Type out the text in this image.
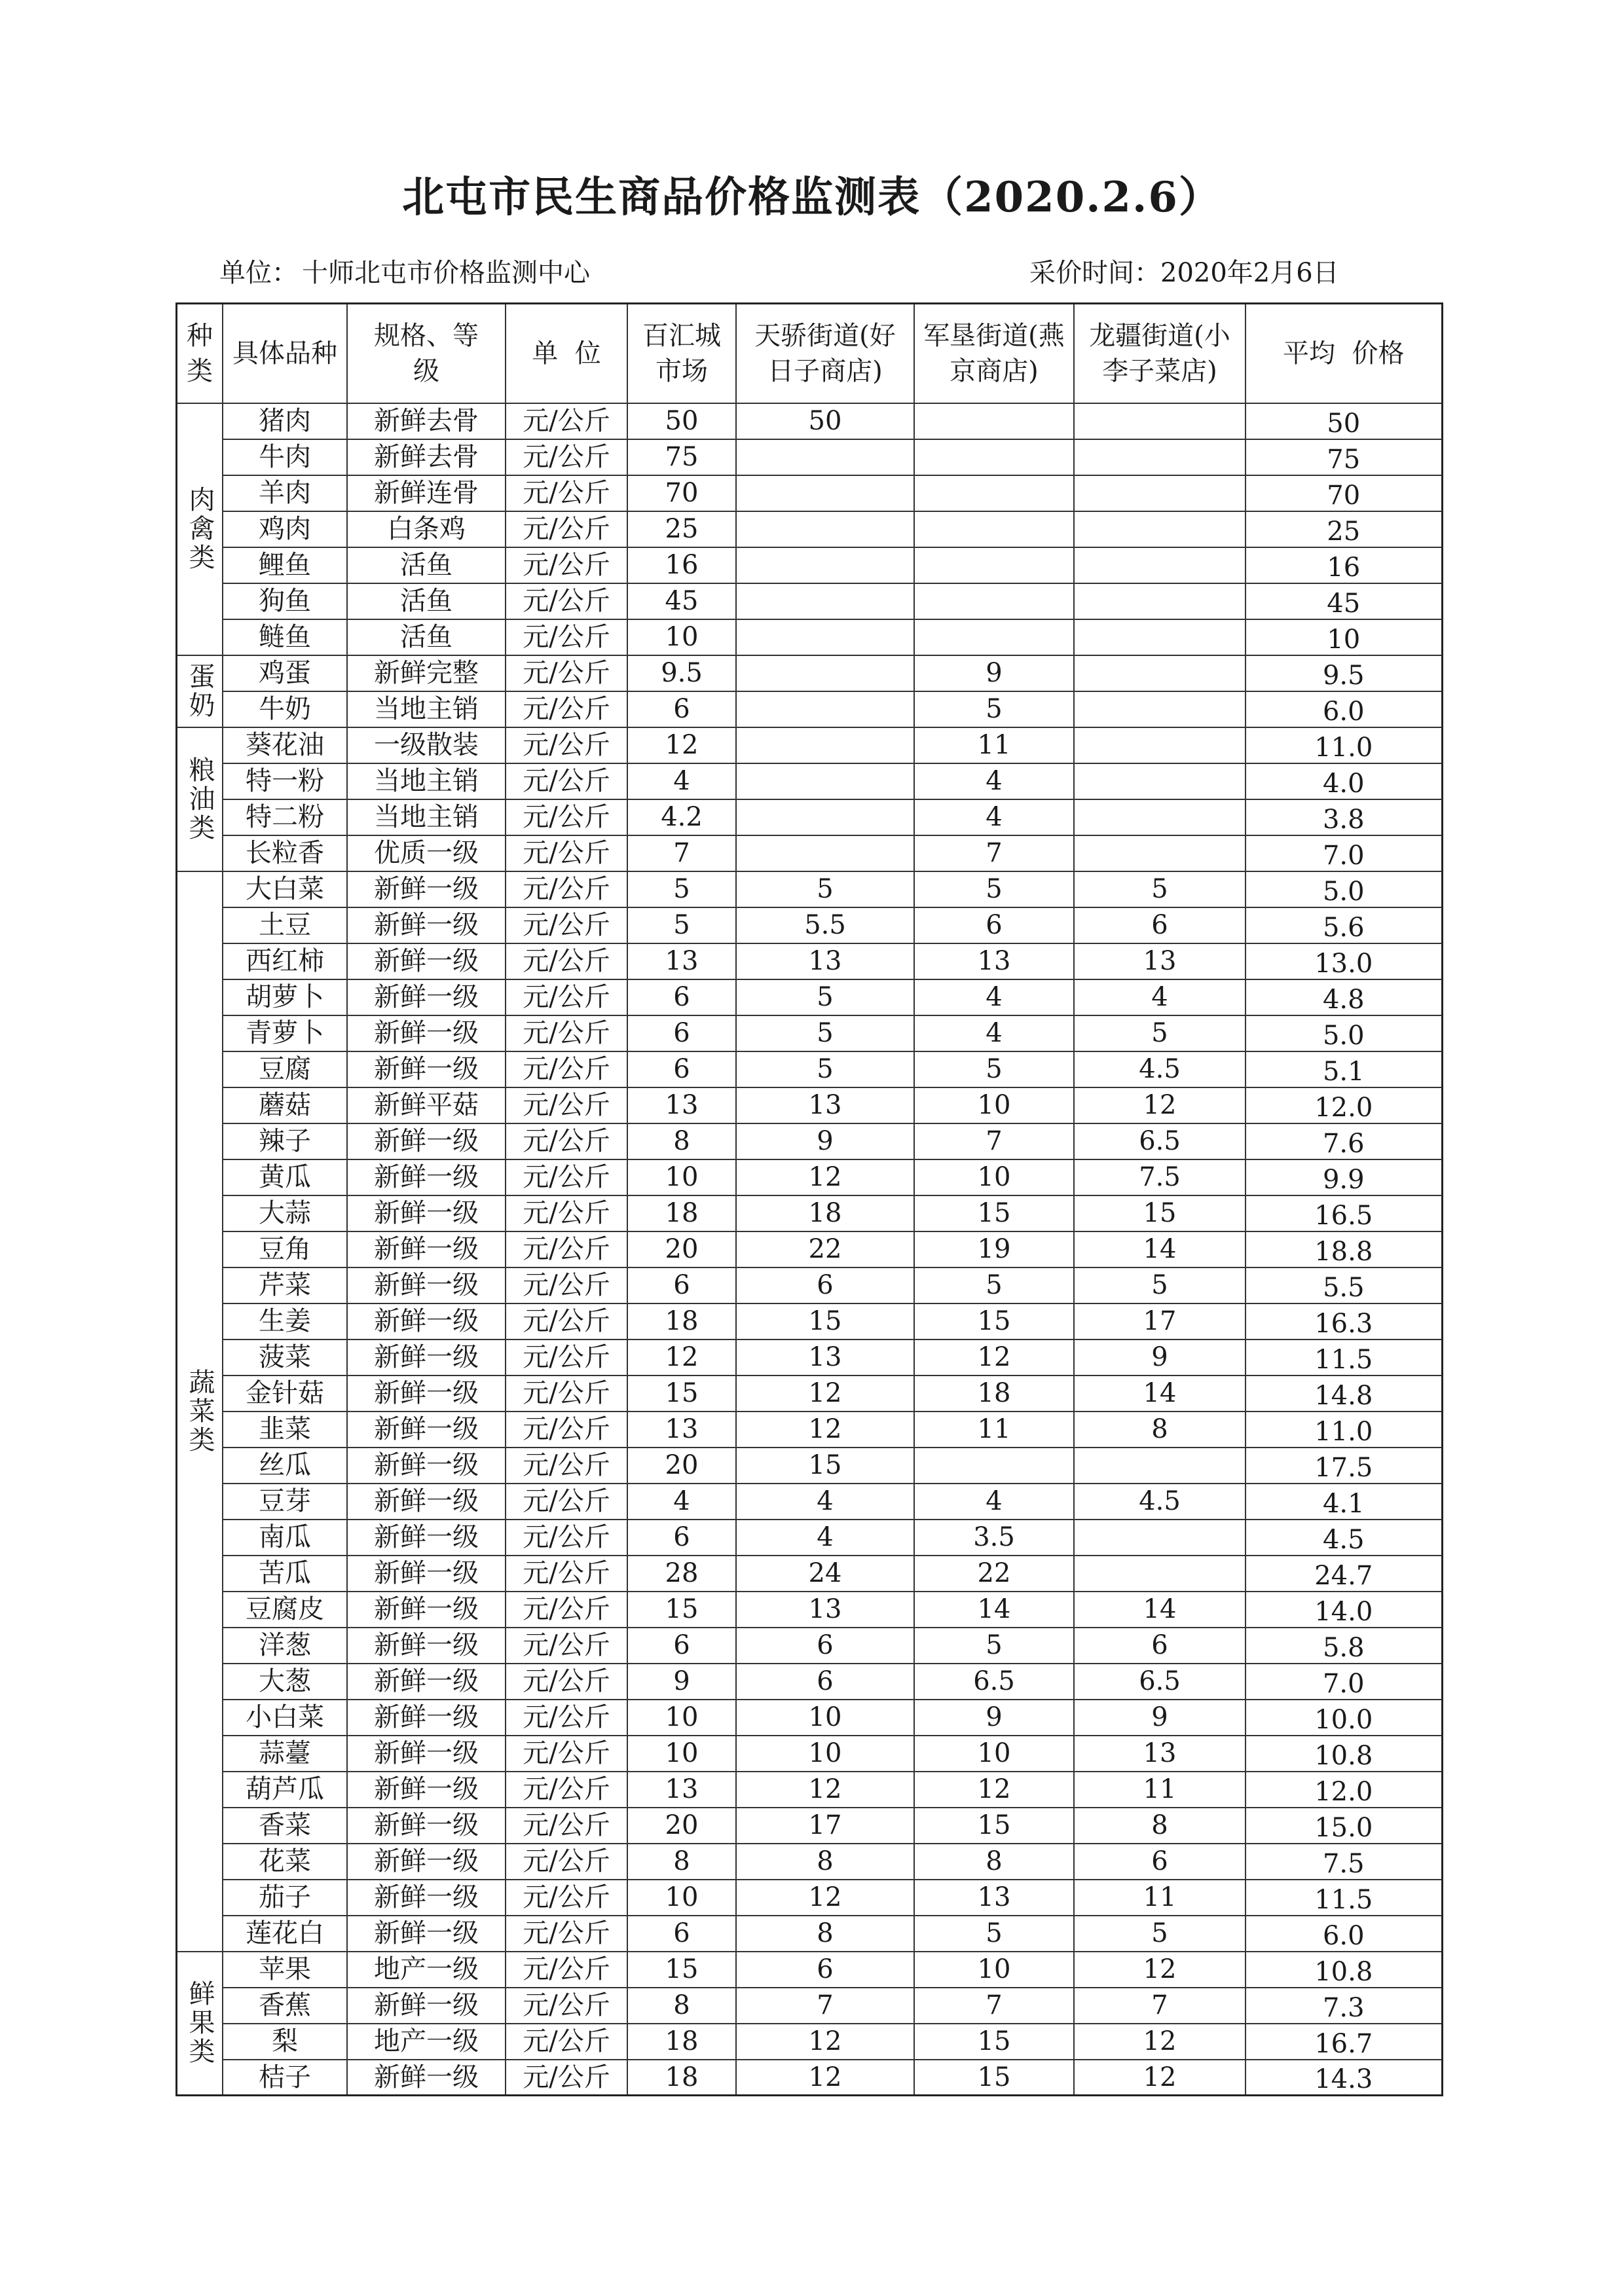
北屯市民生商品价格监测表（2020.2.6）
单位： 十师北屯市价格监测中心	采价时间：2020年2月6日
种类	具体品种	规格、等级	单  位	百汇城市场	天骄街道(好日子商店)	军垦街道(燕京商店)	龙疆街道(小李子菜店)	平均  价格
肉禽类	猪肉	新鲜去骨	元/公斤	50	50			50
	牛肉	新鲜去骨	元/公斤	75				75
	羊肉	新鲜连骨	元/公斤	70				70
	鸡肉	白条鸡	元/公斤	25				25
	鲤鱼	活鱼	元/公斤	16				16
	狗鱼	活鱼	元/公斤	45				45
	鲢鱼	活鱼	元/公斤	10				10
蛋奶	鸡蛋	新鲜完整	元/公斤	9.5		9		9.5
	牛奶	当地主销	元/公斤	6		5		6.0
粮油类	葵花油	一级散装	元/公斤	12		11		11.0
	特一粉	当地主销	元/公斤	4		4		4.0
	特二粉	当地主销	元/公斤	4.2		4		3.8
	长粒香	优质一级	元/公斤	7		7		7.0
蔬菜类	大白菜	新鲜一级	元/公斤	5	5	5	5	5.0
	土豆	新鲜一级	元/公斤	5	5.5	6	6	5.6
	西红柿	新鲜一级	元/公斤	13	13	13	13	13.0
	胡萝卜	新鲜一级	元/公斤	6	5	4	4	4.8
	青萝卜	新鲜一级	元/公斤	6	5	4	5	5.0
	豆腐	新鲜一级	元/公斤	6	5	5	4.5	5.1
	蘑菇	新鲜平菇	元/公斤	13	13	10	12	12.0
	辣子	新鲜一级	元/公斤	8	9	7	6.5	7.6
	黄瓜	新鲜一级	元/公斤	10	12	10	7.5	9.9
	大蒜	新鲜一级	元/公斤	18	18	15	15	16.5
	豆角	新鲜一级	元/公斤	20	22	19	14	18.8
	芹菜	新鲜一级	元/公斤	6	6	5	5	5.5
	生姜	新鲜一级	元/公斤	18	15	15	17	16.3
	菠菜	新鲜一级	元/公斤	12	13	12	9	11.5
	金针菇	新鲜一级	元/公斤	15	12	18	14	14.8
	韭菜	新鲜一级	元/公斤	13	12	11	8	11.0
	丝瓜	新鲜一级	元/公斤	20	15			17.5
	豆芽	新鲜一级	元/公斤	4	4	4	4.5	4.1
	南瓜	新鲜一级	元/公斤	6	4	3.5		4.5
	苦瓜	新鲜一级	元/公斤	28	24	22		24.7
	豆腐皮	新鲜一级	元/公斤	15	13	14	14	14.0
	洋葱	新鲜一级	元/公斤	6	6	5	6	5.8
	大葱	新鲜一级	元/公斤	9	6	6.5	6.5	7.0
	小白菜	新鲜一级	元/公斤	10	10	9	9	10.0
	蒜薹	新鲜一级	元/公斤	10	10	10	13	10.8
	葫芦瓜	新鲜一级	元/公斤	13	12	12	11	12.0
	香菜	新鲜一级	元/公斤	20	17	15	8	15.0
	花菜	新鲜一级	元/公斤	8	8	8	6	7.5
	茄子	新鲜一级	元/公斤	10	12	13	11	11.5
	莲花白	新鲜一级	元/公斤	6	8	5	5	6.0
鲜果类	苹果	地产一级	元/公斤	15	6	10	12	10.8
	香蕉	新鲜一级	元/公斤	8	7	7	7	7.3
	梨	地产一级	元/公斤	18	12	15	12	16.7
	桔子	新鲜一级	元/公斤	18	12	15	12	14.3
